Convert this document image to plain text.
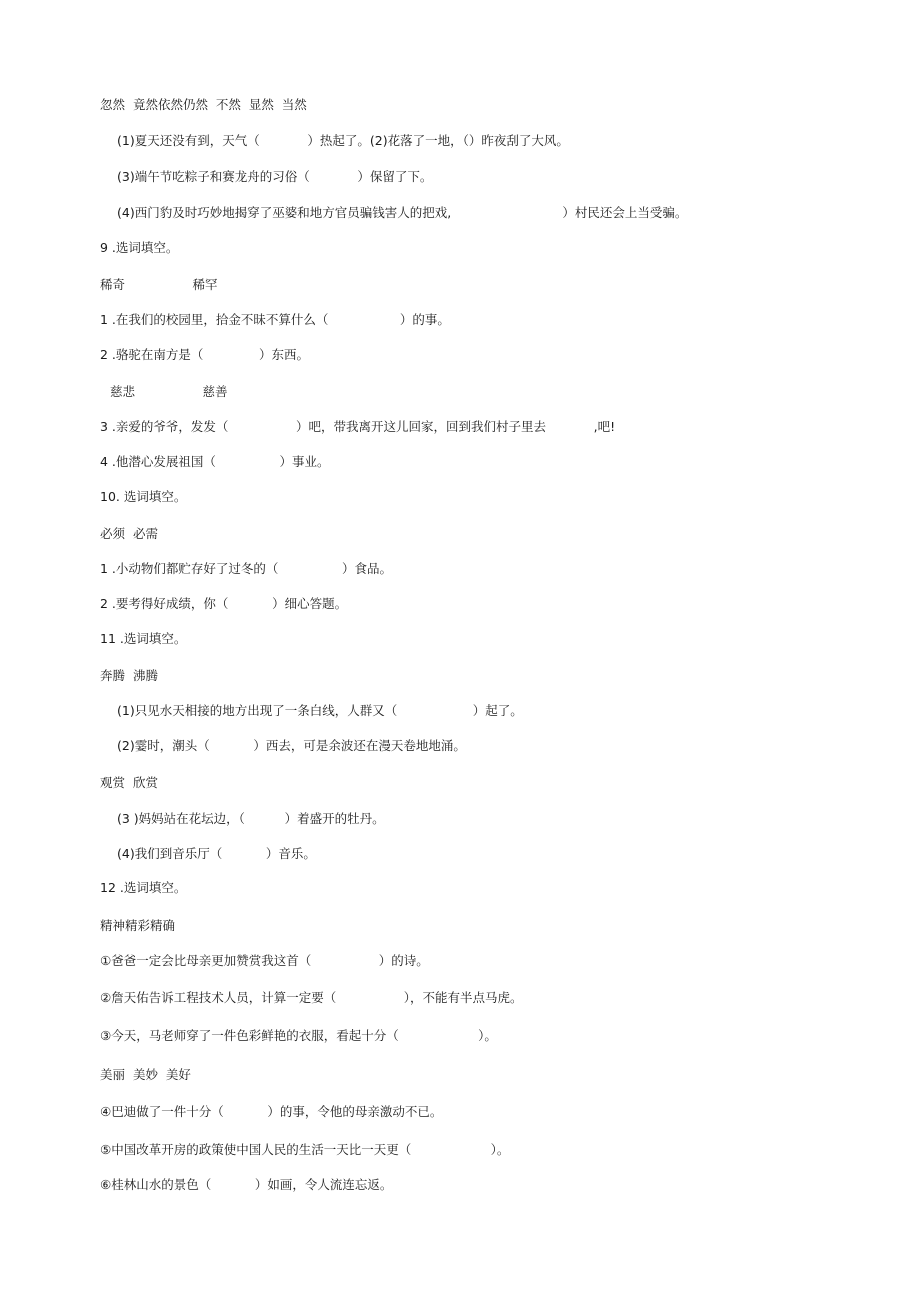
忽然  竟然依然仍然  不然  显然  当然
(1)夏天还没有到，天气（            ）热起了。(2)花落了一地，（）昨夜刮了大风。
(3)端午节吃粽子和赛龙舟的习俗（            ）保留了下。
(4)西门豹及时巧妙地揭穿了巫婆和地方官员骗钱害人的把戏,                            ）村民还会上当受骗。
9 .选词填空。
稀奇                 稀罕
1 .在我们的校园里，拾金不昧不算什么（                  ）的事。
2 .骆驼在南方是（              ）东西。
慈悲                 慈善
3 .亲爱的爷爷，发发（                 ）吧，带我离开这儿回家，回到我们村子里去            ,吧!
4 .他潜心发展祖国（                ）事业。
10. 选词填空。
必须  必需
1 .小动物们都贮存好了过冬的（                ）食品。
2 .要考得好成绩，你（           ）细心答题。
11 .选词填空。
奔腾  沸腾
(1)只见水天相接的地方出现了一条白线，人群又（                   ）起了。
(2)霎时，潮头（           ）西去，可是余波还在漫天卷地地涌。
观赏  欣赏
(3 )妈妈站在花坛边，（          ）着盛开的牡丹。
(4)我们到音乐厅（           ）音乐。
12 .选词填空。
精神精彩精确
①爸爸一定会比母亲更加赞赏我这首（                 ）的诗。
②詹天佑告诉工程技术人员，计算一定要（                 ），不能有半点马虎。
③今天，马老师穿了一件色彩鲜艳的衣服，看起十分（                    ）。
美丽  美妙  美好
④巴迪做了一件十分（           ）的事，令他的母亲激动不已。
⑤中国改革开房的政策使中国人民的生活一天比一天更（                    ）。
⑥桂林山水的景色（           ）如画，令人流连忘返。
